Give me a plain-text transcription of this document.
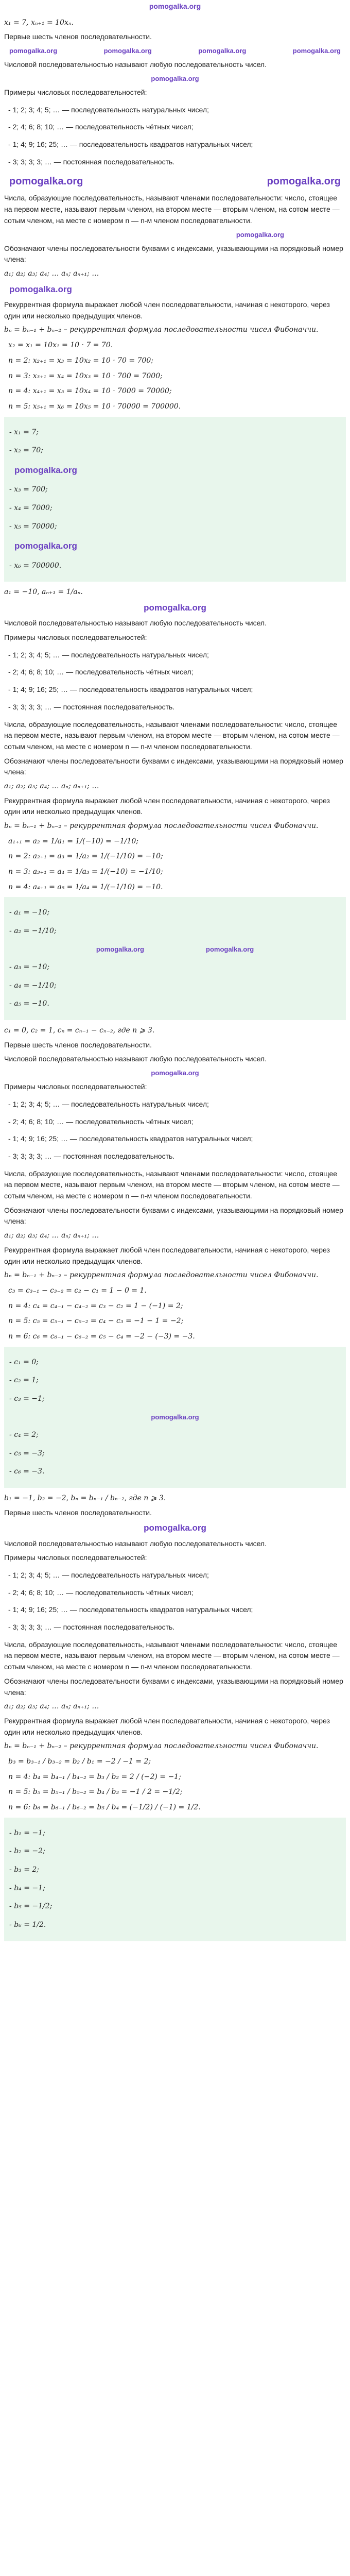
pomogalka.org

x₁ = 7, xₙ₊₁ = 10xₙ.

Первые шесть членов последовательности.

pomogalka.org	pomogalka.org	pomogalka.org	pomogalka.org

Числовой последовательностью называют любую последовательность чисел.

pomogalka.org

Примеры числовых последовательностей:

- 1; 2; 3; 4; 5; … — последовательность натуральных чисел;
- 2; 4; 6; 8; 10; … — последовательность чётных чисел;
- 1; 4; 9; 16; 25; … — последовательность квадратов натуральных чисел;
- 3; 3; 3; 3; … — постоянная последовательность.
pomogalka.org	pomogalka.org

Числа, образующие последовательность, называют членами последовательности: число, стоящее на первом месте, называют первым членом, на втором месте — вторым членом, на сотом месте — сотым членом, на месте с номером n — n-м членом последовательности.

pomogalka.org

Обозначают члены последовательности буквами с индексами, указывающими на порядковый номер члена:

a₁; a₂; a₃; a₄; … aₙ; aₙ₊₁; …

pomogalka.org

Рекуррентная формула выражает любой член последовательности, начиная с некоторого, через один или несколько предыдущих членов.

bₙ = bₙ₋₁ + bₙ₋₂ – рекуррентная формула последовательности чисел Фибоначчи.

x₂ = x₁ = 10x₁ = 10 · 7 = 70.
n = 2: x₂₊₁ = x₃ = 10x₂ = 10 · 70 = 700;
n = 3: x₃₊₁ = x₄ = 10x₃ = 10 · 700 = 7000;
n = 4: x₄₊₁ = x₅ = 10x₄ = 10 · 7000 = 70000;
n = 5: x₅₊₁ = x₆ = 10x₅ = 10 · 70000 = 700000.
- x₁ = 7;
- x₂ = 70;
pomogalka.org
- x₃ = 700;
- x₄ = 7000;
- x₅ = 70000;
pomogalka.org
- x₆ = 700000.

a₁ = −10, aₙ₊₁ = 1/aₙ.

pomogalka.org

Числовой последовательностью называют любую последовательность чисел.

Примеры числовых последовательностей:

- 1; 2; 3; 4; 5; … — последовательность натуральных чисел;
- 2; 4; 6; 8; 10; … — последовательность чётных чисел;
- 1; 4; 9; 16; 25; … — последовательность квадратов натуральных чисел;
- 3; 3; 3; 3; … — постоянная последовательность.

Числа, образующие последовательность, называют членами последовательности: число, стоящее на первом месте, называют первым членом, на втором месте — вторым членом, на сотом месте — сотым членом, на месте с номером n — n-м членом последовательности.

Обозначают члены последовательности буквами с индексами, указывающими на порядковый номер члена:

a₁; a₂; a₃; a₄; … aₙ; aₙ₊₁; …

Рекуррентная формула выражает любой член последовательности, начиная с некоторого, через один или несколько предыдущих членов.

bₙ = bₙ₋₁ + bₙ₋₂ – рекуррентная формула последовательности чисел Фибоначчи.

a₁₊₁ = a₂ = 1/a₁ = 1/(−10) = −1/10;
n = 2: a₂₊₁ = a₃ = 1/a₂ = 1/(−1/10) = −10;
n = 3: a₃₊₁ = a₄ = 1/a₃ = 1/(−10) = −1/10;
n = 4: a₄₊₁ = a₅ = 1/a₄ = 1/(−1/10) = −10.
- a₁ = −10;
- a₂ = −1/10;
pomogalka.org	pomogalka.org
- a₃ = −10;
- a₄ = −1/10;
- a₅ = −10.

c₁ = 0, c₂ = 1, cₙ = cₙ₋₁ − cₙ₋₂, где n ⩾ 3.

Первые шесть членов последовательности.

Числовой последовательностью называют любую последовательность чисел.

pomogalka.org

Примеры числовых последовательностей:

- 1; 2; 3; 4; 5; … — последовательность натуральных чисел;
- 2; 4; 6; 8; 10; … — последовательность чётных чисел;
- 1; 4; 9; 16; 25; … — последовательность квадратов натуральных чисел;
- 3; 3; 3; 3; … — постоянная последовательность.

Числа, образующие последовательность, называют членами последовательности: число, стоящее на первом месте, называют первым членом, на втором месте — вторым членом, на сотом месте — сотым членом, на месте с номером n — n-м членом последовательности.

Обозначают члены последовательности буквами с индексами, указывающими на порядковый номер члена:

a₁; a₂; a₃; a₄; … aₙ; aₙ₊₁; …

Рекуррентная формула выражает любой член последовательности, начиная с некоторого, через один или несколько предыдущих членов.

bₙ = bₙ₋₁ + bₙ₋₂ – рекуррентная формула последовательности чисел Фибоначчи.

c₃ = c₃₋₁ − c₃₋₂ = c₂ − c₁ = 1 − 0 = 1.
n = 4: c₄ = c₄₋₁ − c₄₋₂ = c₃ − c₂ = 1 − (−1) = 2;
n = 5: c₅ = c₅₋₁ − c₅₋₂ = c₄ − c₃ = −1 − 1 = −2;
n = 6: c₆ = c₆₋₁ − c₆₋₂ = c₅ − c₄ = −2 − (−3) = −3.
- c₁ = 0;
- c₂ = 1;
- c₃ = −1;
pomogalka.org
- c₄ = 2;
- c₅ = −3;
- c₆ = −3.

b₁ = −1, b₂ = −2, bₙ = bₙ₋₁ / bₙ₋₂, где n ⩾ 3.

Первые шесть членов последовательности.

pomogalka.org

Числовой последовательностью называют любую последовательность чисел.

Примеры числовых последовательностей:

- 1; 2; 3; 4; 5; … — последовательность натуральных чисел;
- 2; 4; 6; 8; 10; … — последовательность чётных чисел;
- 1; 4; 9; 16; 25; … — последовательность квадратов натуральных чисел;
- 3; 3; 3; 3; … — постоянная последовательность.

Числа, образующие последовательность, называют членами последовательности: число, стоящее на первом месте, называют первым членом, на втором месте — вторым членом, на сотом месте — сотым членом, на месте с номером n — n-м членом последовательности.

Обозначают члены последовательности буквами с индексами, указывающими на порядковый номер члена:

a₁; a₂; a₃; a₄; … aₙ; aₙ₊₁; …

Рекуррентная формула выражает любой член последовательности, начиная с некоторого, через один или несколько предыдущих членов.

bₙ = bₙ₋₁ + bₙ₋₂ – рекуррентная формула последовательности чисел Фибоначчи.

b₃ = b₃₋₁ / b₃₋₂ = b₂ / b₁ = −2 / −1 = 2;
n = 4: b₄ = b₄₋₁ / b₄₋₂ = b₃ / b₂ = 2 / (−2) = −1;
n = 5: b₅ = b₅₋₁ / b₅₋₂ = b₄ / b₃ = −1 / 2 = −1/2;
n = 6: b₆ = b₆₋₁ / b₆₋₂ = b₅ / b₄ = (−1/2) / (−1) = 1/2.
- b₁ = −1;
- b₂ = −2;
- b₃ = 2;
- b₄ = −1;
- b₅ = −1/2;
- b₆ = 1/2.
